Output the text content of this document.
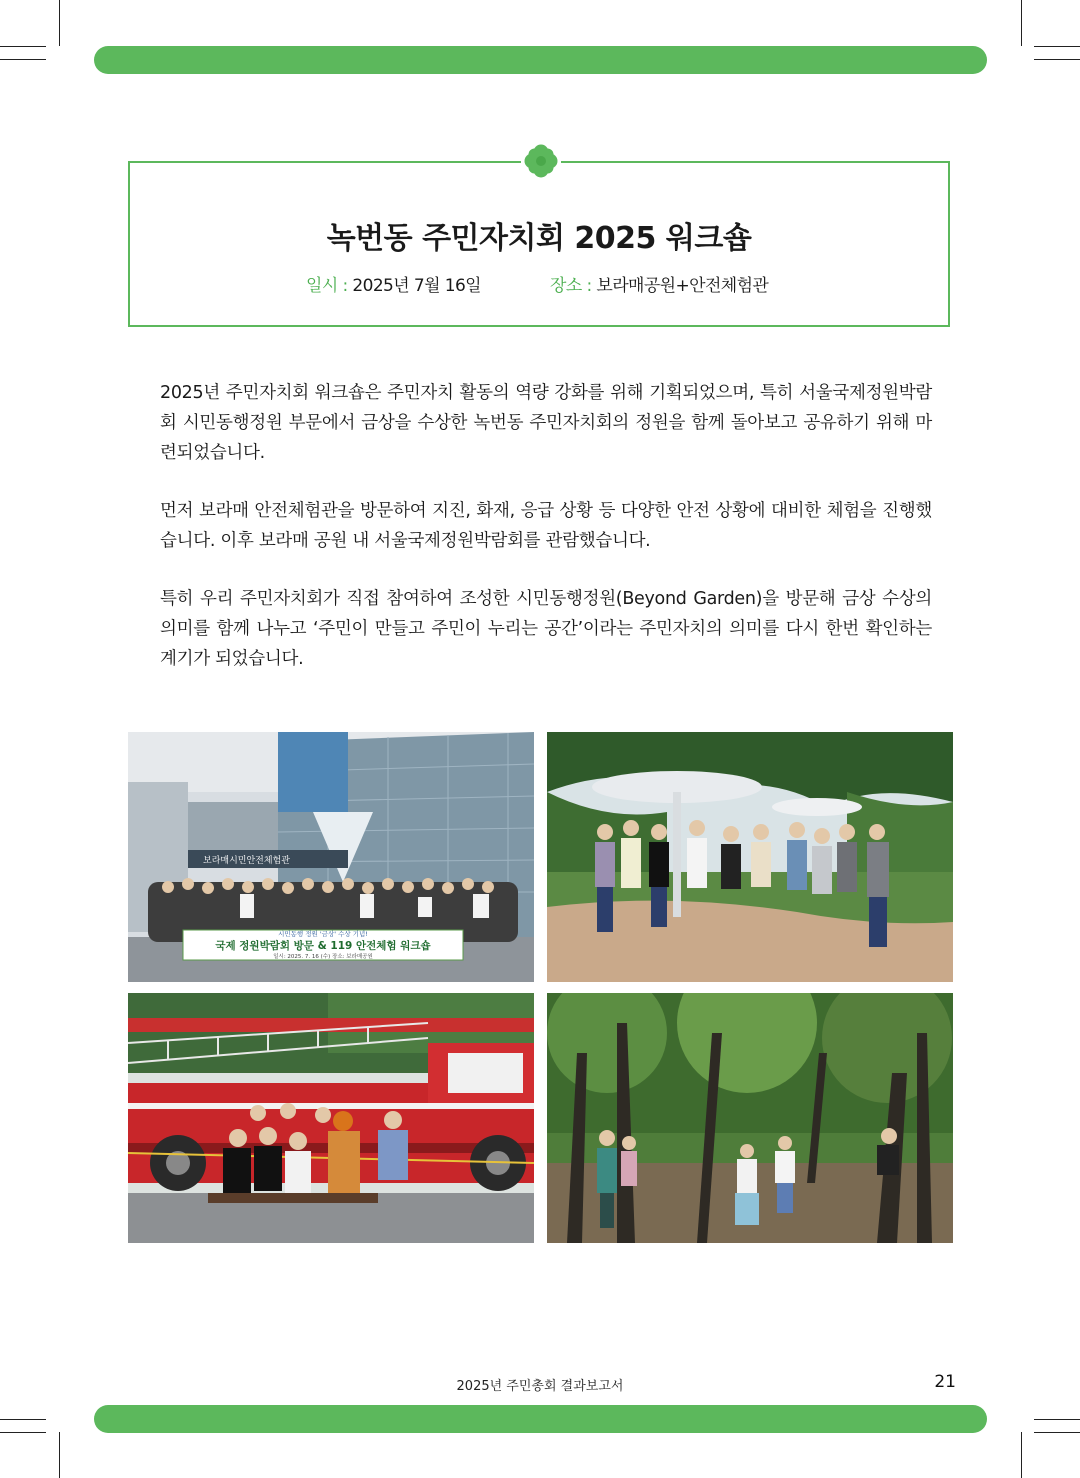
녹번동 주민자치회 2025 워크숍
일시 : 2025년 7월 16일	장소 : 보라매공원+안전체험관

2025년 주민자치회 워크숍은 주민자치 활동의 역량 강화를 위해 기획되었으며, 특히 서울국제정원박람회 시민동행정원 부문에서 금상을 수상한 녹번동 주민자치회의 정원을 함께 돌아보고 공유하기 위해 마련되었습니다.

먼저 보라매 안전체험관을 방문하여 지진, 화재, 응급 상황 등 다양한 안전 상황에 대비한 체험을 진행했습니다. 이후 보라매 공원 내 서울국제정원박람회를 관람했습니다.

특히 우리 주민자치회가 직접 참여하여 조성한 시민동행정원(Beyond Garden)을 방문해 금상 수상의 의미를 함께 나누고 ‘주민이 만들고 주민이 누리는 공간’이라는 주민자치의 의미를 다시 한번 확인하는 계기가 되었습니다.

보라매시민안전체험관
시민동행 정원 '금상' 수상 기념!
국제 정원박람회 방문 & 119 안전체험 워크숍
일시: 2025. 7. 16 (수) 장소: 보라매공원
2025년 주민총회 결과보고서	21
